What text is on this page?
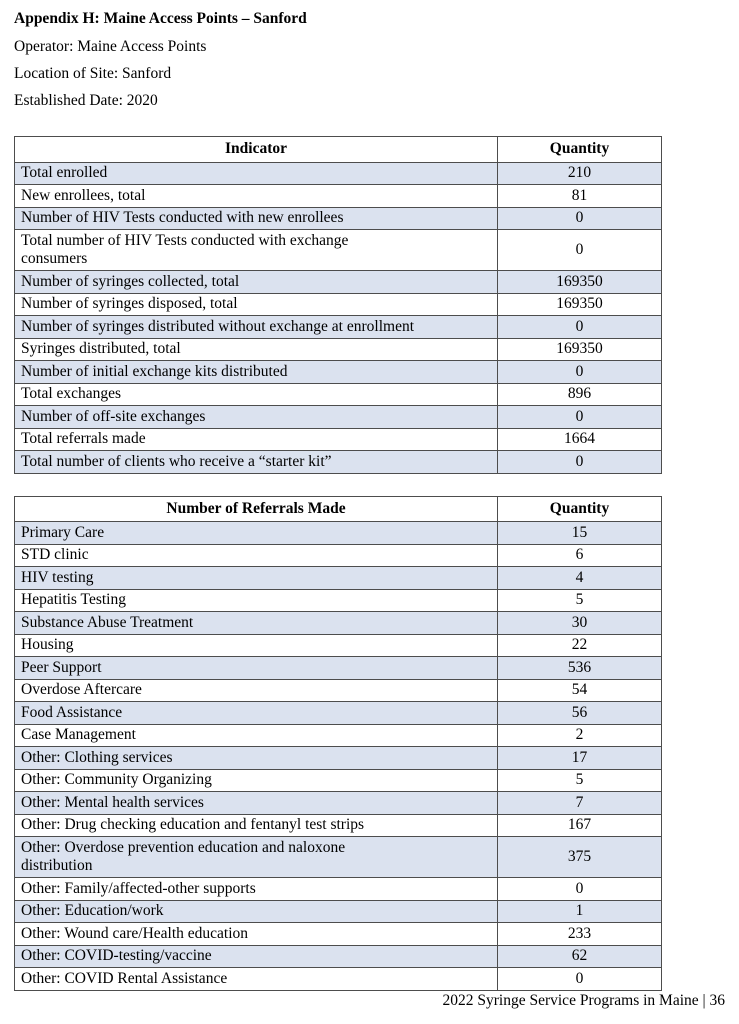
Appendix H: Maine Access Points – Sanford

Operator: Maine Access Points

Location of Site: Sanford

Established Date: 2020

Indicator	Quantity
Total enrolled	210
New enrollees, total	81
Number of HIV Tests conducted with new enrollees	0
Total number of HIV Tests conducted with exchange
consumers	0
Number of syringes collected, total	169350
Number of syringes disposed, total	169350
Number of syringes distributed without exchange at enrollment	0
Syringes distributed, total	169350
Number of initial exchange kits distributed	0
Total exchanges	896
Number of off-site exchanges	0
Total referrals made	1664
Total number of clients who receive a “starter kit”	0
Number of Referrals Made	Quantity
Primary Care	15
STD clinic	6
HIV testing	4
Hepatitis Testing	5
Substance Abuse Treatment	30
Housing	22
Peer Support	536
Overdose Aftercare	54
Food Assistance	56
Case Management	2
Other: Clothing services	17
Other: Community Organizing	5
Other: Mental health services	7
Other: Drug checking education and fentanyl test strips	167
Other: Overdose prevention education and naloxone
distribution	375
Other: Family/affected-other supports	0
Other: Education/work	1
Other: Wound care/Health education	233
Other: COVID-testing/vaccine	62
Other: COVID Rental Assistance	0
2022 Syringe Service Programs in Maine | 36
